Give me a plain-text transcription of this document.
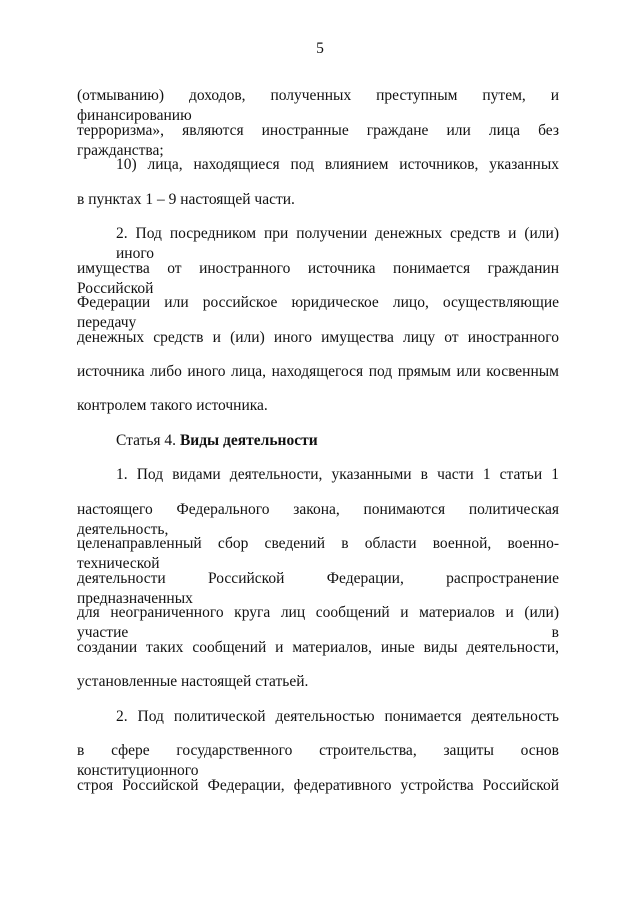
5
(отмыванию) доходов, полученных преступным путем, и финансированию
терроризма», являются иностранные граждане или лица без гражданства;
10) лица, находящиеся под влиянием источников, указанных
в пунктах 1 – 9 настоящей части.
2. Под посредником при получении денежных средств и (или) иного
имущества от иностранного источника понимается гражданин Российской
Федерации или российское юридическое лицо, осуществляющие передачу
денежных средств и (или) иного имущества лицу от иностранного
источника либо иного лица, находящегося под прямым или косвенным
контролем такого источника.
Статья 4. Виды деятельности
1. Под видами деятельности, указанными в части 1 статьи 1
настоящего Федерального закона, понимаются политическая деятельность,
целенаправленный сбор сведений в области военной, военно-технической
деятельности Российской Федерации, распространение предназначенных
для неограниченного круга лиц сообщений и материалов и (или) участие в
создании таких сообщений и материалов, иные виды деятельности,
установленные настоящей статьей.
2. Под политической деятельностью понимается деятельность
в сфере государственного строительства, защиты основ конституционного
строя Российской Федерации, федеративного устройства Российской
